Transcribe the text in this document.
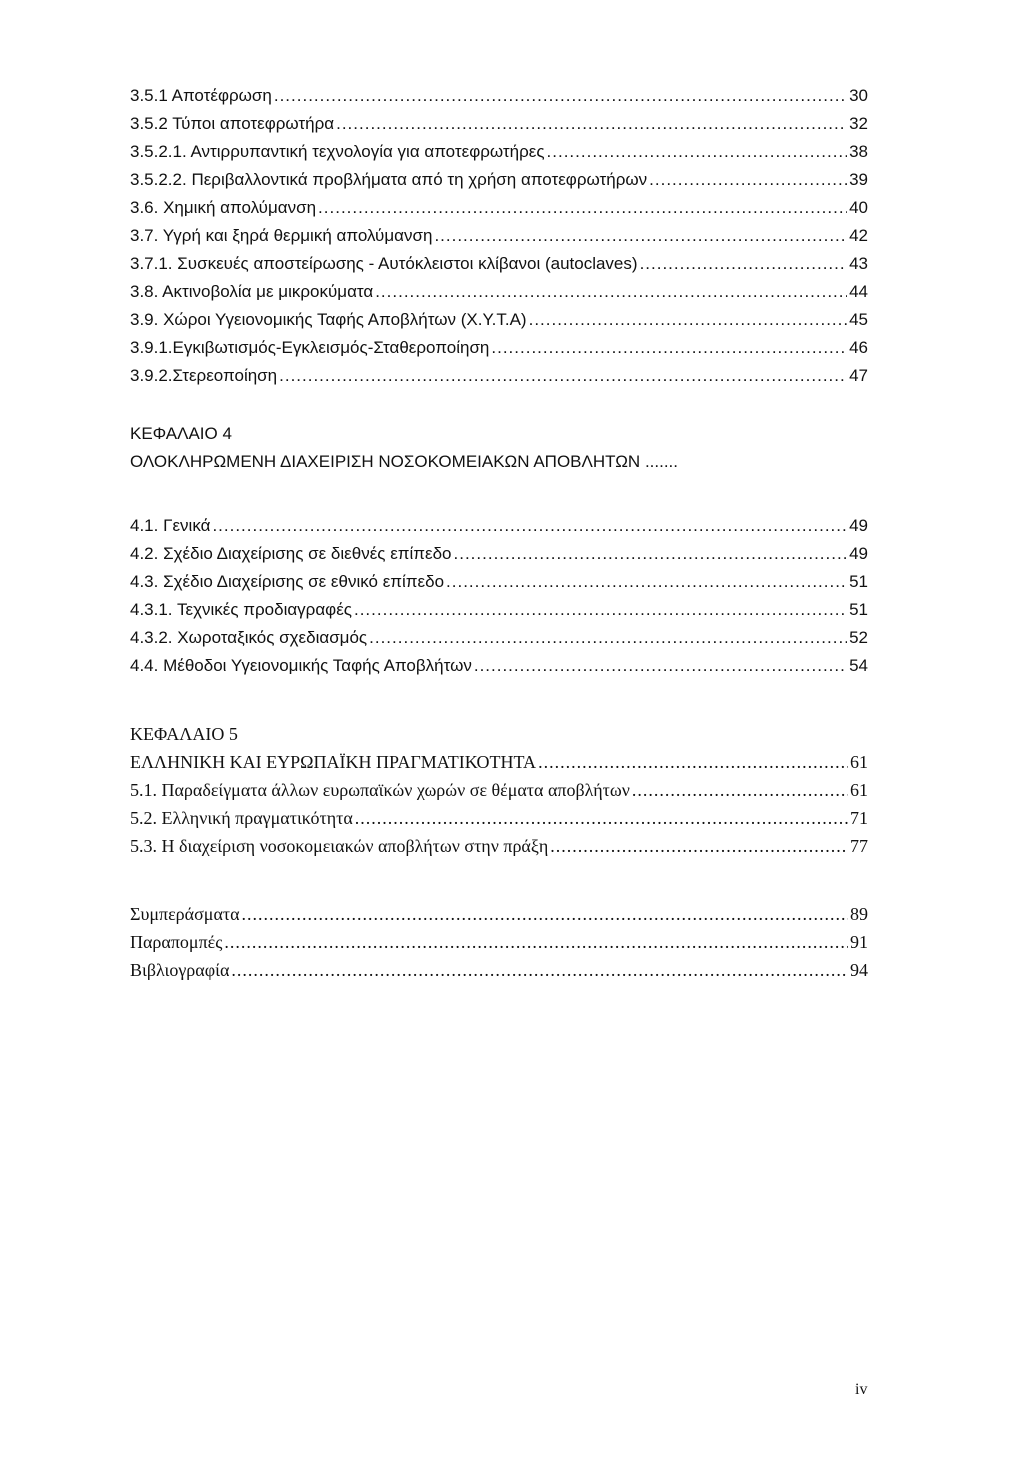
3.5.1 Αποτέφρωση .....	30
3.5.2 Τύποι αποτεφρωτήρα .....	32
3.5.2.1. Αντιρρυπαντική τεχνολογία για αποτεφρωτήρες .....	38
3.5.2.2. Περιβαλλοντικά προβλήματα από τη χρήση αποτεφρωτήρων .....	39
3.6. Χημική απολύμανση .....	40
3.7. Υγρή και ξηρά θερμική απολύμανση .....	42
3.7.1. Συσκευές αποστείρωσης - Αυτόκλειστοι κλίβανοι (autoclaves) .....	43
3.8. Ακτινοβολία με μικροκύματα .....	44
3.9. Χώροι Υγειονομικής Ταφής Αποβλήτων (Χ.Υ.Τ.Α) .....	45
3.9.1.Εγκιβωτισμός-Εγκλεισμός-Σταθεροποίηση .....	46
3.9.2.Στερεοποίηση .....	47
ΚΕΦΑΛΑΙΟ 4
ΟΛΟΚΛΗΡΩΜΕΝΗ ΔΙΑΧΕΙΡΙΣΗ ΝΟΣΟΚΟΜΕΙΑΚΩΝ ΑΠΟΒΛΗΤΩΝ .......
4.1. Γενικά .....	49
4.2. Σχέδιο Διαχείρισης σε διεθνές επίπεδο .....	49
4.3. Σχέδιο Διαχείρισης σε εθνικό επίπεδο .....	51
4.3.1. Τεχνικές προδιαγραφές .....	51
4.3.2. Χωροταξικός σχεδιασμός .....	52
4.4. Μέθοδοι Υγειονομικής Ταφής Αποβλήτων .....	54
ΚΕΦΑΛΑΙΟ 5
ΕΛΛΗΝΙΚΗ ΚΑΙ ΕΥΡΩΠΑΪΚΗ ΠΡΑΓΜΑΤΙΚΟΤΗΤΑ .....	61
5.1. Παραδείγματα άλλων ευρωπαϊκών χωρών σε θέματα αποβλήτων .....	61
5.2. Ελληνική πραγματικότητα .....	71
5.3. Η διαχείριση νοσοκομειακών αποβλήτων στην πράξη .....	77
Συμπεράσματα .....	89
Παραπομπές .....	91
Βιβλιογραφία .....	94
iv
